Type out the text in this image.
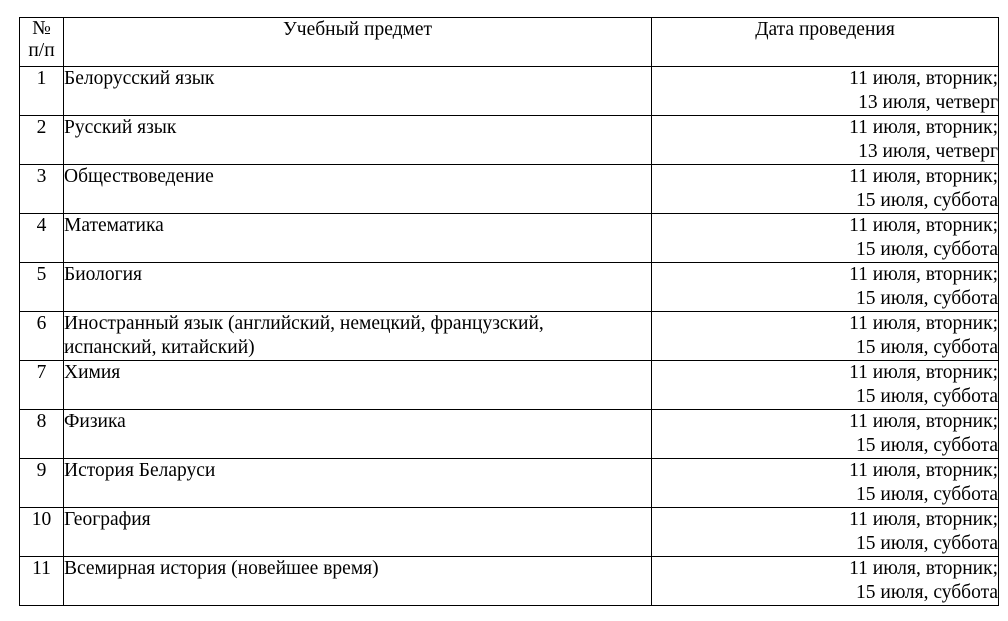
№
п/п	Учебный предмет	Дата проведения
1	Белорусский язык	11 июля, вторник;
13 июля, четверг

2	Русский язык	11 июля, вторник;
13 июля, четверг

3	Обществоведение	11 июля, вторник;
15 июля, суббота

4	Математика	11 июля, вторник;
15 июля, суббота

5	Биология	11 июля, вторник;
15 июля, суббота

6	Иностранный язык (английский, немецкий, французский,
испанский, китайский)	11 июля, вторник;
15 июля, суббота

7	Химия	11 июля, вторник;
15 июля, суббота

8	Физика	11 июля, вторник;
15 июля, суббота

9	История Беларуси	11 июля, вторник;
15 июля, суббота

10	География	11 июля, вторник;
15 июля, суббота

11	Всемирная история (новейшее время)	11 июля, вторник;
15 июля, суббота
